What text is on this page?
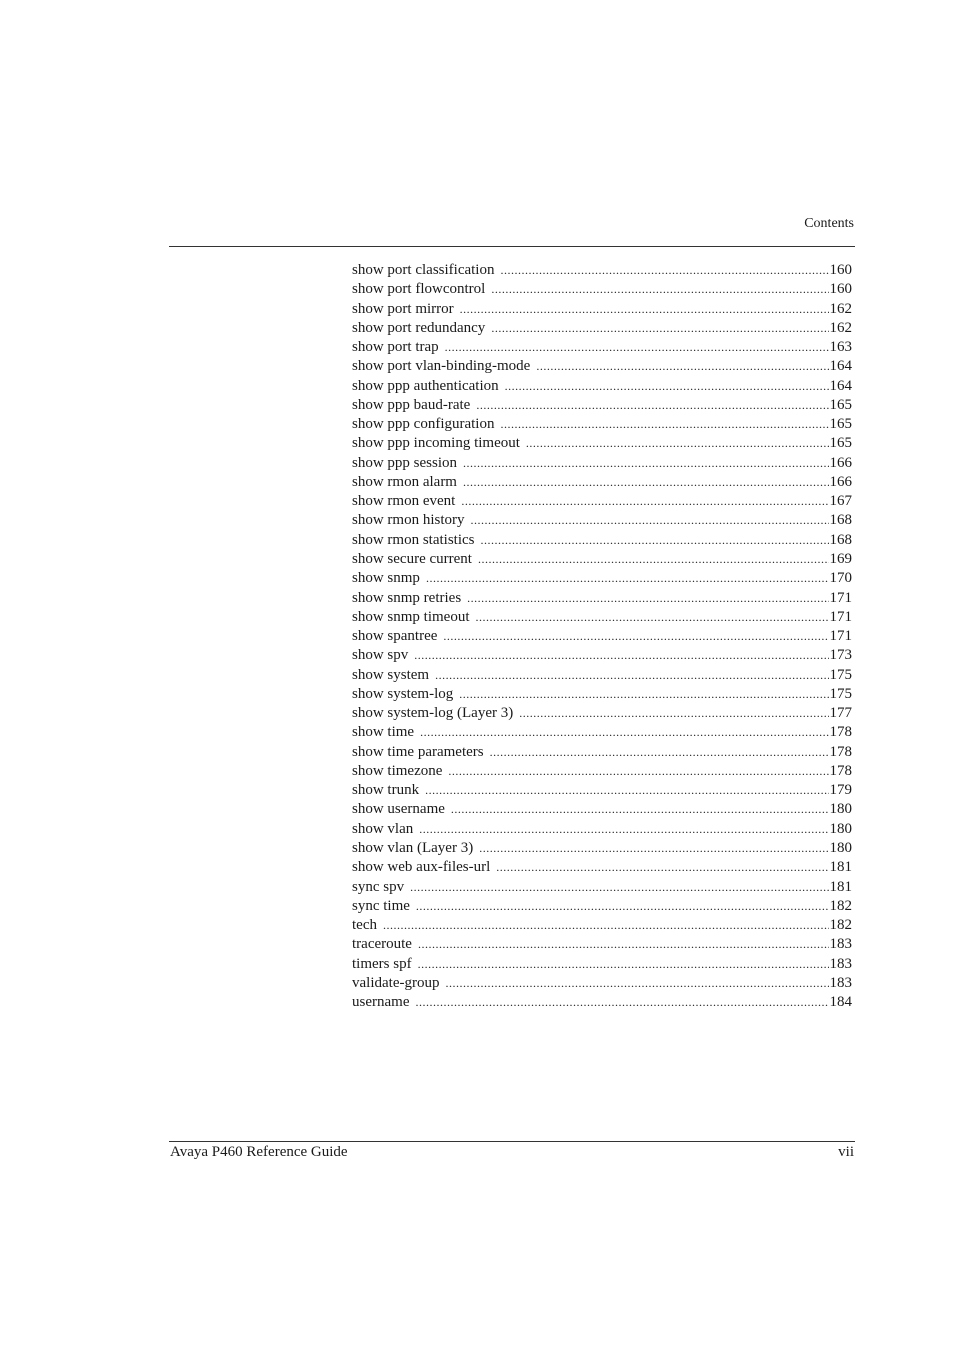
Contents
show port classification .....	160
show port flowcontrol .....	160
show port mirror .....	162
show port redundancy .....	162
show port trap .....	163
show port vlan-binding-mode .....	164
show ppp authentication .....	164
show ppp baud-rate .....	165
show ppp configuration .....	165
show ppp incoming timeout .....	165
show ppp session .....	166
show rmon alarm .....	166
show rmon event .....	167
show rmon history .....	168
show rmon statistics .....	168
show secure current .....	169
show snmp .....	170
show snmp retries .....	171
show snmp timeout .....	171
show spantree .....	171
show spv .....	173
show system .....	175
show system-log .....	175
show system-log (Layer 3) .....	177
show time .....	178
show time parameters .....	178
show timezone .....	178
show trunk .....	179
show username .....	180
show vlan .....	180
show vlan (Layer 3) .....	180
show web aux-files-url .....	181
sync spv .....	181
sync time .....	182
tech .....	182
traceroute .....	183
timers spf .....	183
validate-group .....	183
username .....	184
Avaya P460 Reference Guide	vii
